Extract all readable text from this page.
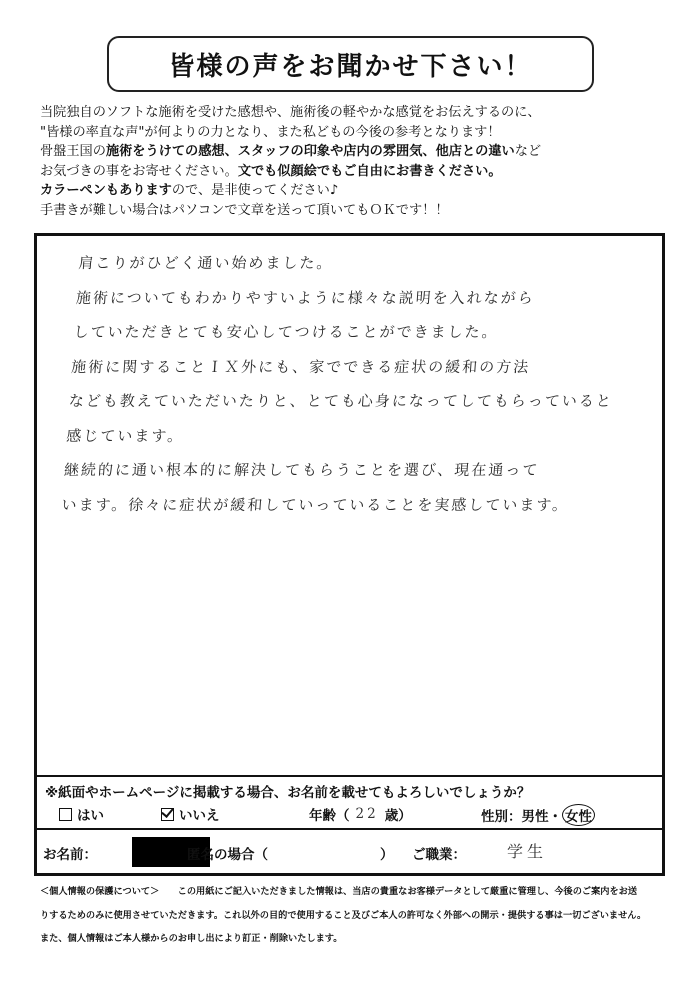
皆様の声をお聞かせ下さい！
当院独自のソフトな施術を受けた感想や、施術後の軽やかな感覚をお伝えするのに、
"皆様の率直な声"が何よりの力となり、また私どもの今後の参考となります！
骨盤王国の施術をうけての感想、スタッフの印象や店内の雰囲気、他店との違いなど
お気づきの事をお寄せください。文でも似顔絵でもご自由にお書きください。
カラーペンもありますので、是非使ってください♪
手書きが難しい場合はパソコンで文章を送って頂いてもＯＫです！！
肩こりがひどく通い始めました。
施術についてもわかりやすいように様々な説明を入れながら
していただきとても安心してつけることができました。
施術に関することＩＸ外にも、家でできる症状の緩和の方法
なども教えていただいたりと、とても心身になってしてもらっていると
感じています。
継続的に通い根本的に解決してもらうことを選び、現在通って
います。徐々に症状が緩和していっていることを実感しています。
※紙面やホームページに掲載する場合、お名前を載せてもよろしいでしょうか？
はい	いいえ	年齢（ 22 歳）	性別： 男性・ 女性
お名前：	匿名の場合（	） ご職業：	学生
＜個人情報の保護について＞　　この用紙にご記入いただきました情報は、当店の貴重なお客様データとして厳重に管理し、今後のご案内をお送
りするためのみに使用させていただきます。これ以外の目的で使用すること及びご本人の許可なく外部への開示・提供する事は一切ございません。
また、個人情報はご本人様からのお申し出により訂正・削除いたします。
